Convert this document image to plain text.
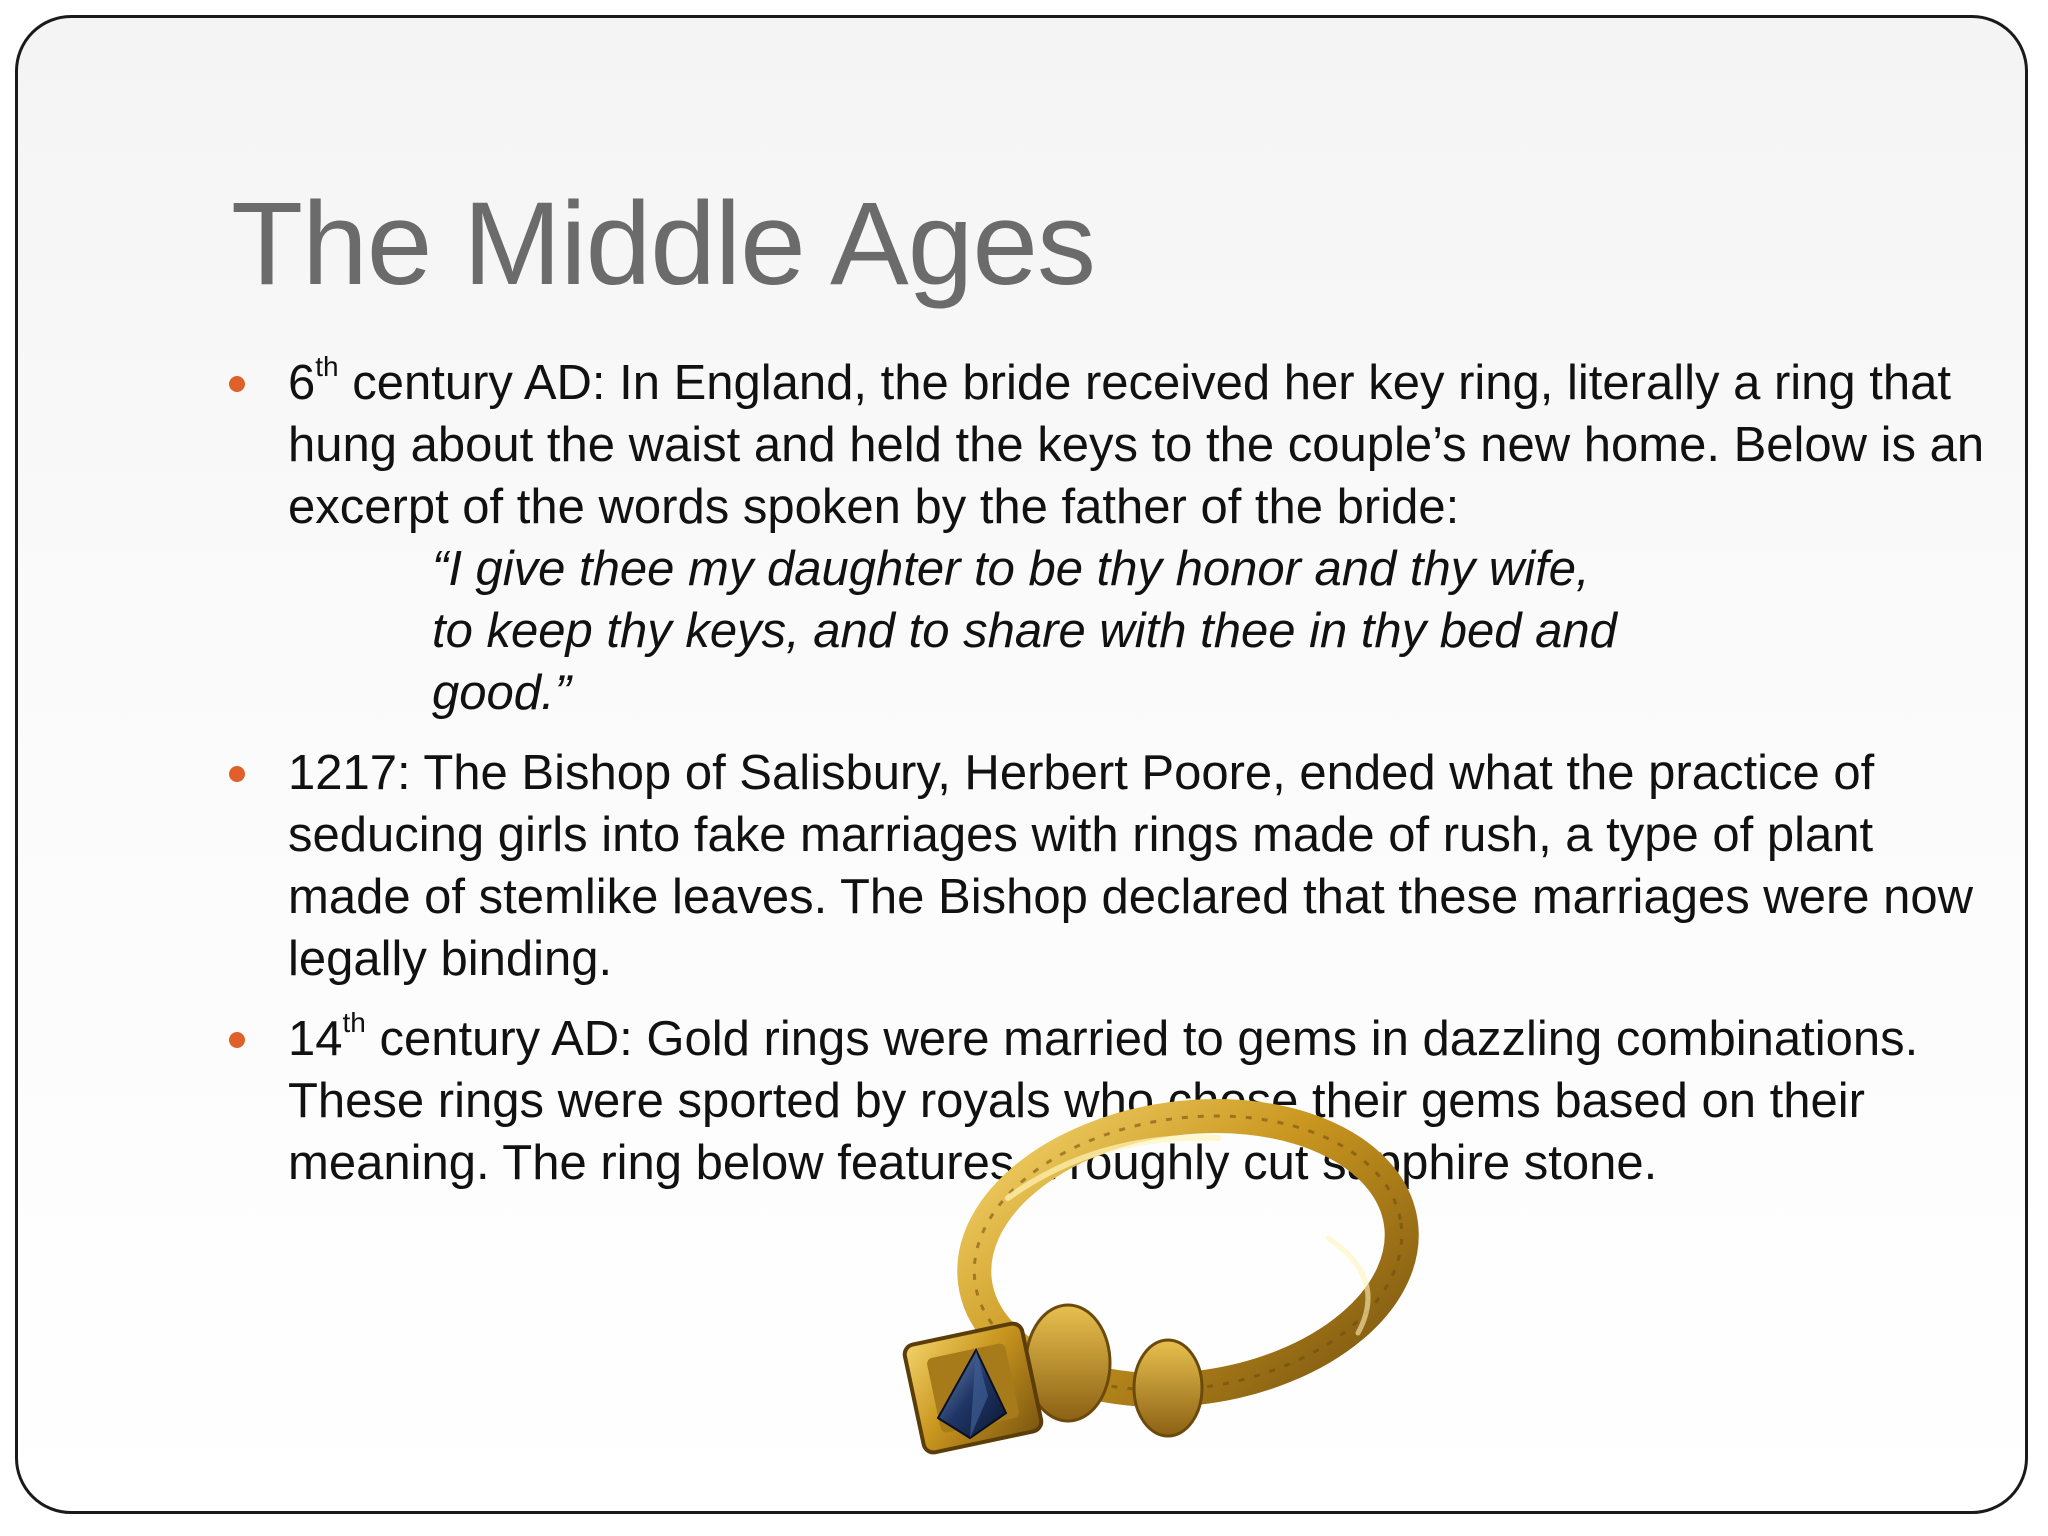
The Middle Ages
6th century AD: In England, the bride received her key ring, literally a ring that hung about the waist and held the keys to the couple’s new home. Below is an excerpt of the words spoken by the father of the bride:
“I give thee my daughter to be thy honor and thy wife,
to keep thy keys, and to share with thee in thy bed and
good.”
1217: The Bishop of Salisbury, Herbert Poore, ended what the practice of seducing girls into fake marriages with rings made of rush, a type of plant made of stemlike leaves. The Bishop declared that these marriages were now legally binding.
14th century AD: Gold rings were married to gems in dazzling combinations. These rings were sported by royals who chose their gems based on their meaning. The ring below features a roughly cut sapphire stone.
